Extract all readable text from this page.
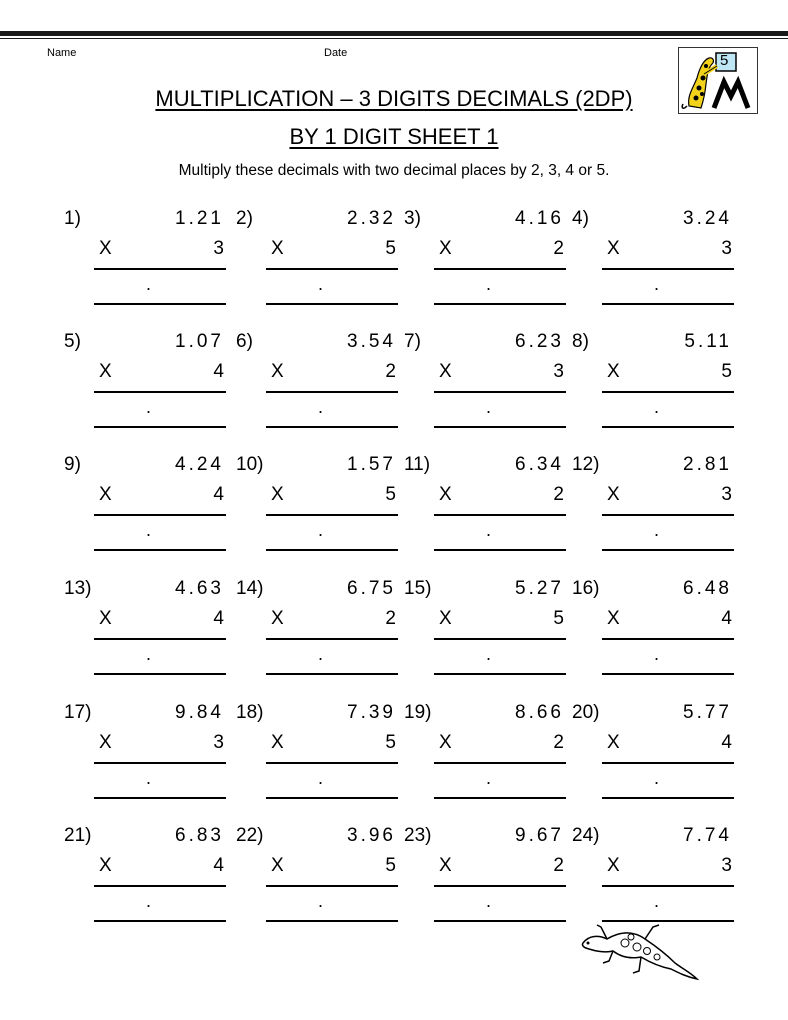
Name	Date
MULTIPLICATION – 3 DIGITS DECIMALS (2DP)
BY 1 DIGIT SHEET 1
Multiply these decimals with two decimal places by 2, 3, 4 or 5.
5
1)	1.21
X	3
.
2)	2.32
X	5
.
3)	4.16
X	2
.
4)	3.24
X	3
.
5)	1.07
X	4
.
6)	3.54
X	2
.
7)	6.23
X	3
.
8)	5.11
X	5
.
9)	4.24
X	4
.
10)	1.57
X	5
.
11)	6.34
X	2
.
12)	2.81
X	3
.
13)	4.63
X	4
.
14)	6.75
X	2
.
15)	5.27
X	5
.
16)	6.48
X	4
.
17)	9.84
X	3
.
18)	7.39
X	5
.
19)	8.66
X	2
.
20)	5.77
X	4
.
21)	6.83
X	4
.
22)	3.96
X	5
.
23)	9.67
X	2
.
24)	7.74
X	3
.
